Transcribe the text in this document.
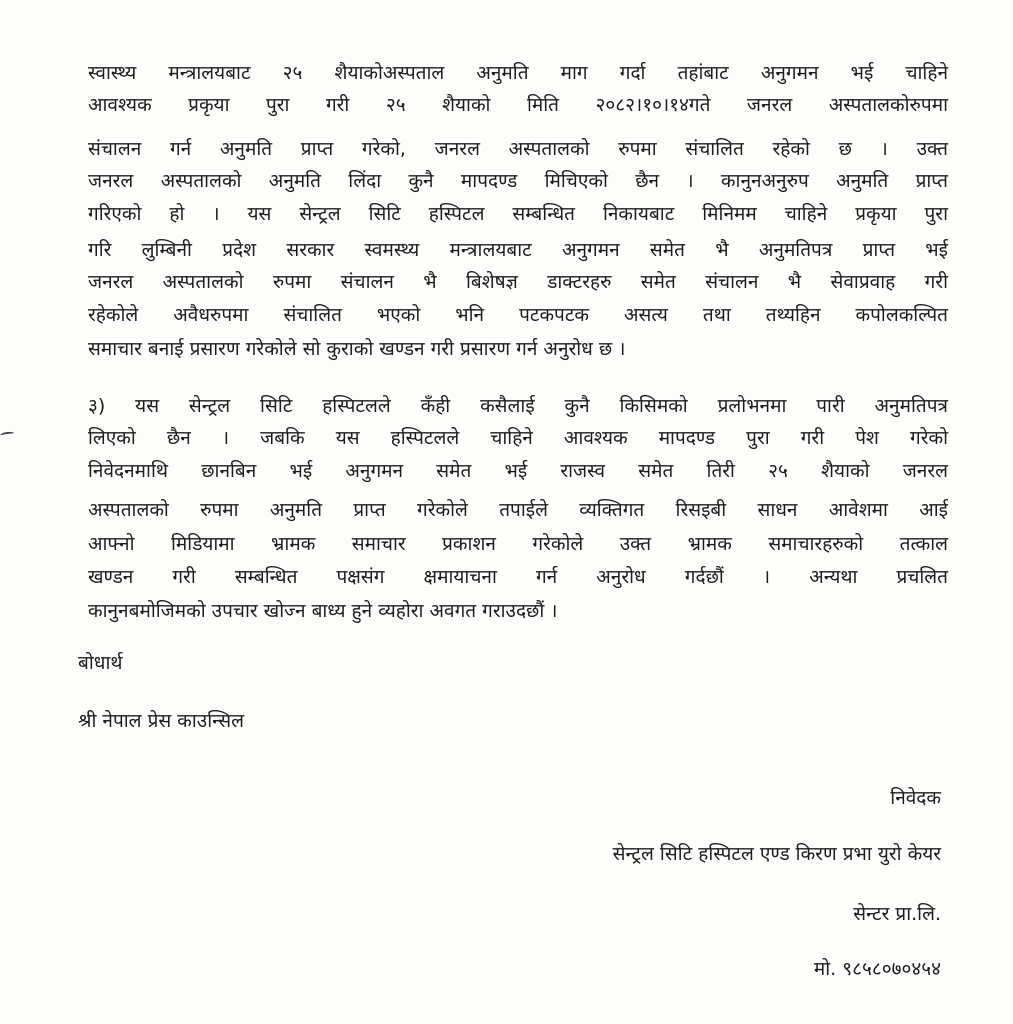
स्वास्थ्य मन्त्रालयबाट २५ शैयाकोअस्पताल अनुमति माग गर्दा तहांबाट अनुगमन भई चाहिने
आवश्यक प्रकृया पुरा गरी २५ शैयाको मिति २०८२।१०।१४गते जनरल अस्पतालकोरुपमा
संचालन गर्न अनुमति प्राप्त गरेको, जनरल अस्पतालको रुपमा संचालित रहेको छ । उक्त
जनरल अस्पतालको अनुमति लिंदा कुनै मापदण्ड मिचिएको छैन । कानुनअनुरुप अनुमति प्राप्त
गरिएको हो । यस सेन्ट्रल सिटि हस्पिटल सम्बन्धित निकायबाट मिनिमम चाहिने प्रकृया पुरा
गरि लुम्बिनी प्रदेश सरकार स्वमस्थ्य मन्त्रालयबाट अनुगमन समेत भै अनुमतिपत्र प्राप्त भई
जनरल अस्पतालको रुपमा संचालन भै बिशेषज्ञ डाक्टरहरु समेत संचालन भै सेवाप्रवाह गरी
रहेकोले अवैधरुपमा संचालित भएको भनि पटकपटक असत्य तथा तथ्यहिन कपोलकल्पित
समाचार बनाई प्रसारण गरेकोले सो कुराको खण्डन गरी प्रसारण गर्न अनुरोध छ ।
३) यस सेन्ट्रल सिटि हस्पिटलले कँही कसैलाई कुनै किसिमको प्रलोभनमा पारी अनुमतिपत्र
लिएको छैन । जबकि यस हस्पिटलले चाहिने आवश्यक मापदण्ड पुरा गरी पेश गरेको
निवेदनमाथि छानबिन भई अनुगमन समेत भई राजस्व समेत तिरी २५ शैयाको जनरल
अस्पतालको रुपमा अनुमति प्राप्त गरेकोले तपाईले व्यक्तिगत रिसइबी साधन आवेशमा आई
आफ्नो मिडियामा भ्रामक समाचार प्रकाशन गरेकोले उक्त भ्रामक समाचारहरुको तत्काल
खण्डन गरी सम्बन्धित पक्षसंग क्षमायाचना गर्न अनुरोध गर्दछौं । अन्यथा प्रचलित
कानुनबमोजिमको उपचार खोज्न बाध्य हुने व्यहोरा अवगत गराउदछौं ।
बोधार्थ
श्री नेपाल प्रेस काउन्सिल
निवेदक
सेन्ट्रल सिटि हस्पिटल एण्ड किरण प्रभा युरो केयर
सेन्टर प्रा.लि.
मो. ९८५८०७०४५४
